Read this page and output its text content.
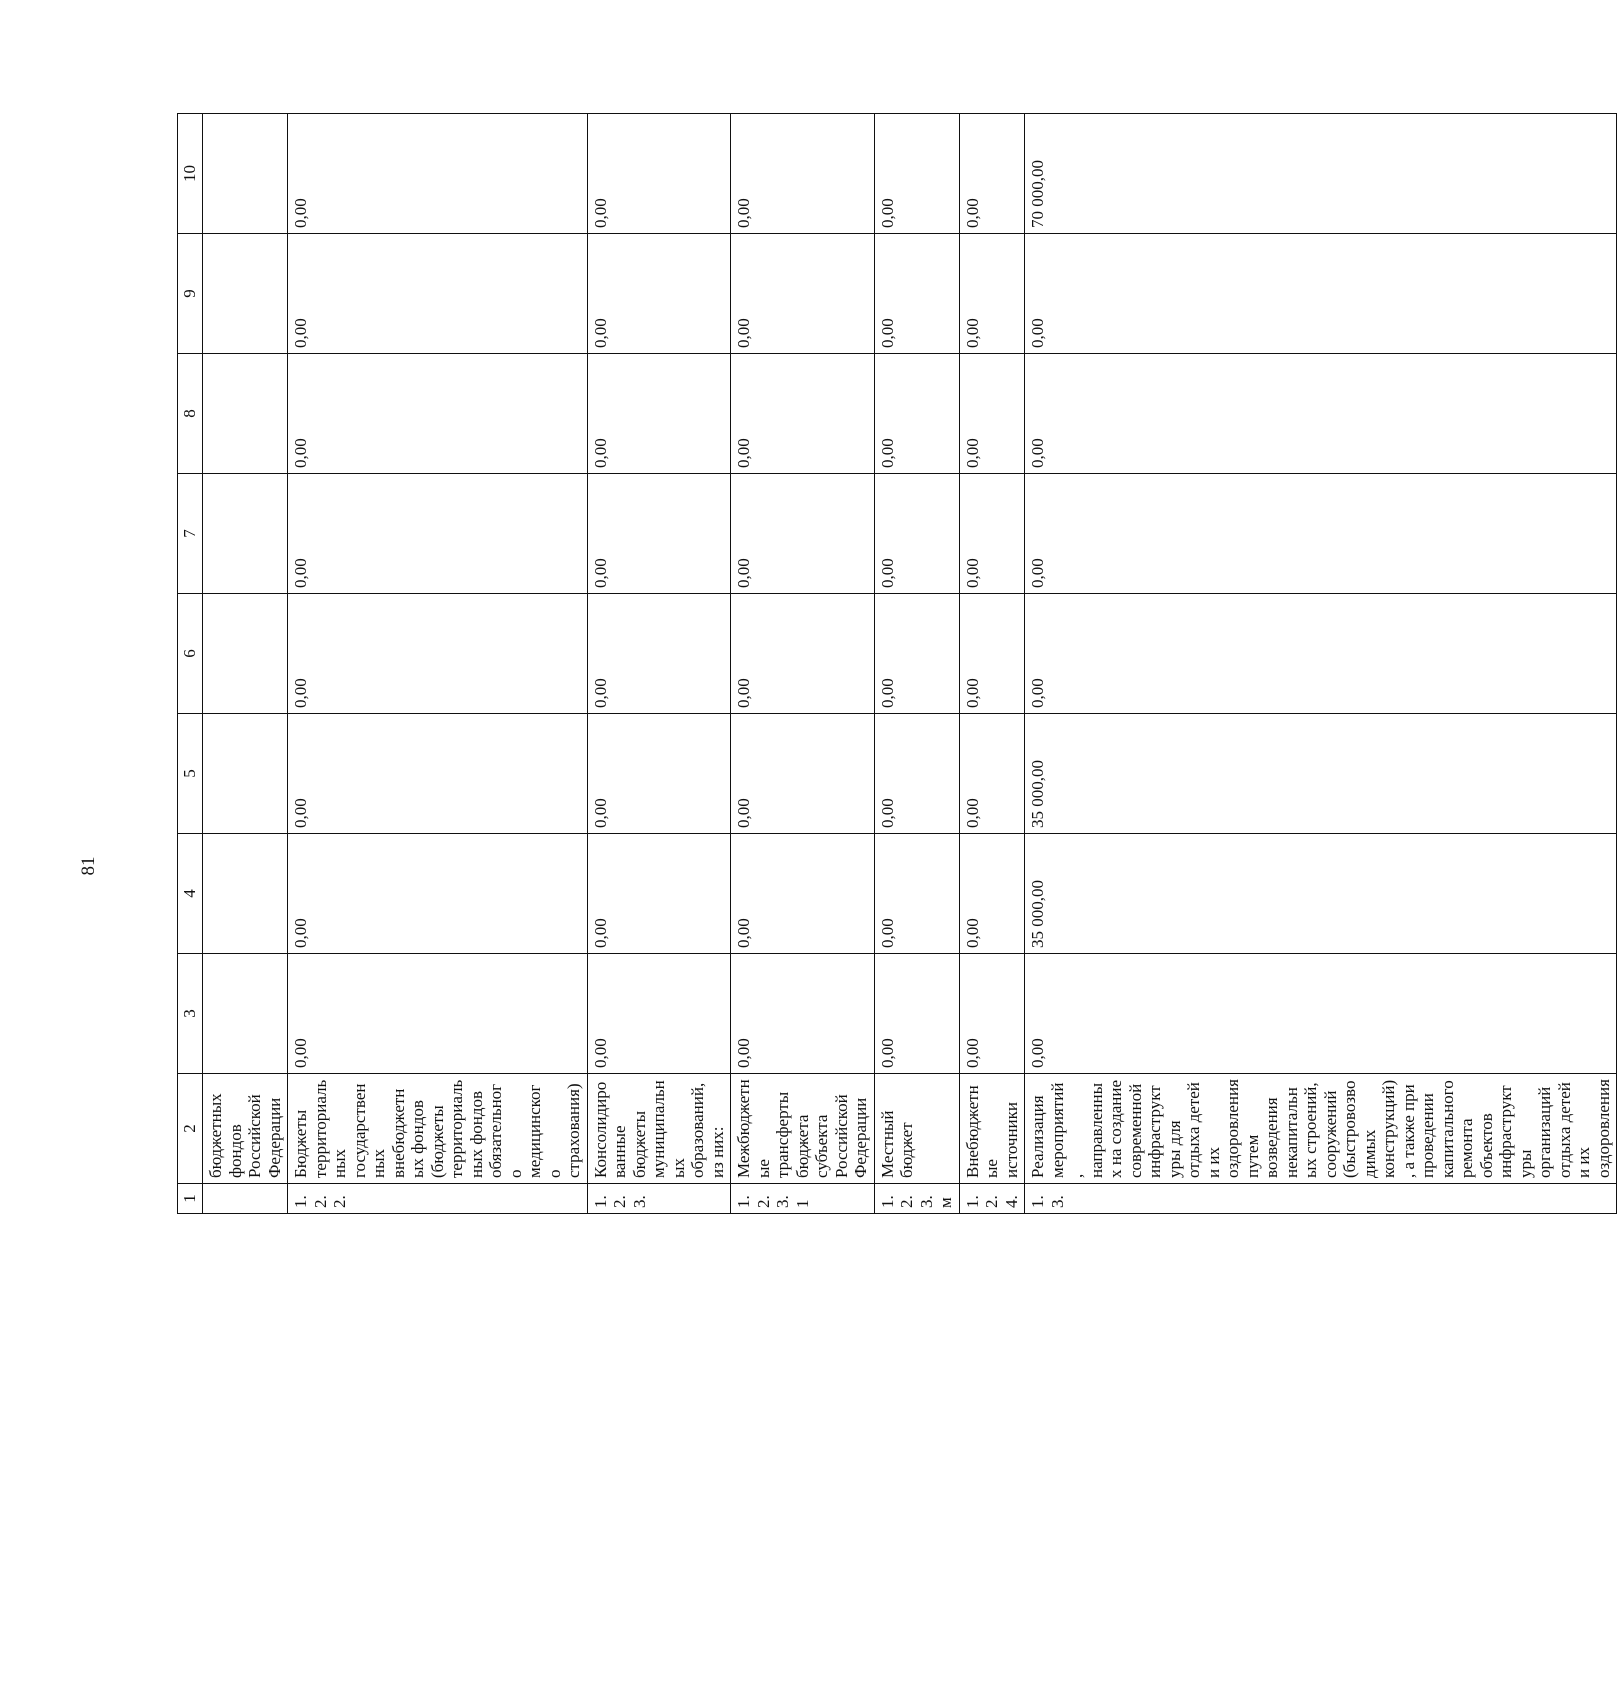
81
1	2	3	4	5	6	7	8	9	10
	бюджетных фондов Российской Федерации								
1.2.2.	Бюджеты территориальных государственных внебюджетных фондов (бюджеты территориальных фондов обязательного медицинского страхования)	0,00	0,00	0,00	0,00	0,00	0,00	0,00	0,00
1.2.3.	Консолидированные бюджеты муниципальных образований, из них:	0,00	0,00	0,00	0,00	0,00	0,00	0,00	0,00
1.2.3.1	Межбюджетные трансферты бюджета субъекта Российской Федерации	0,00	0,00	0,00	0,00	0,00	0,00	0,00	0,00
1.2.3.м	Местный бюджет	0,00	0,00	0,00	0,00	0,00	0,00	0,00	0,00
1.2.4.	Внебюджетные источники	0,00	0,00	0,00	0,00	0,00	0,00	0,00	0,00
1.3.	Реализация мероприятий, направленных на создание современной инфраструктуры для отдыха детей и их оздоровления путем возведения некапитальных строений, сооружений (быстровозводимых конструкций), а также при проведении капитального ремонта объектов инфраструктуры организаций отдыха детей и их оздоровления	0,00	35 000,00	35 000,00	0,00	0,00	0,00	0,00	70 000,00
